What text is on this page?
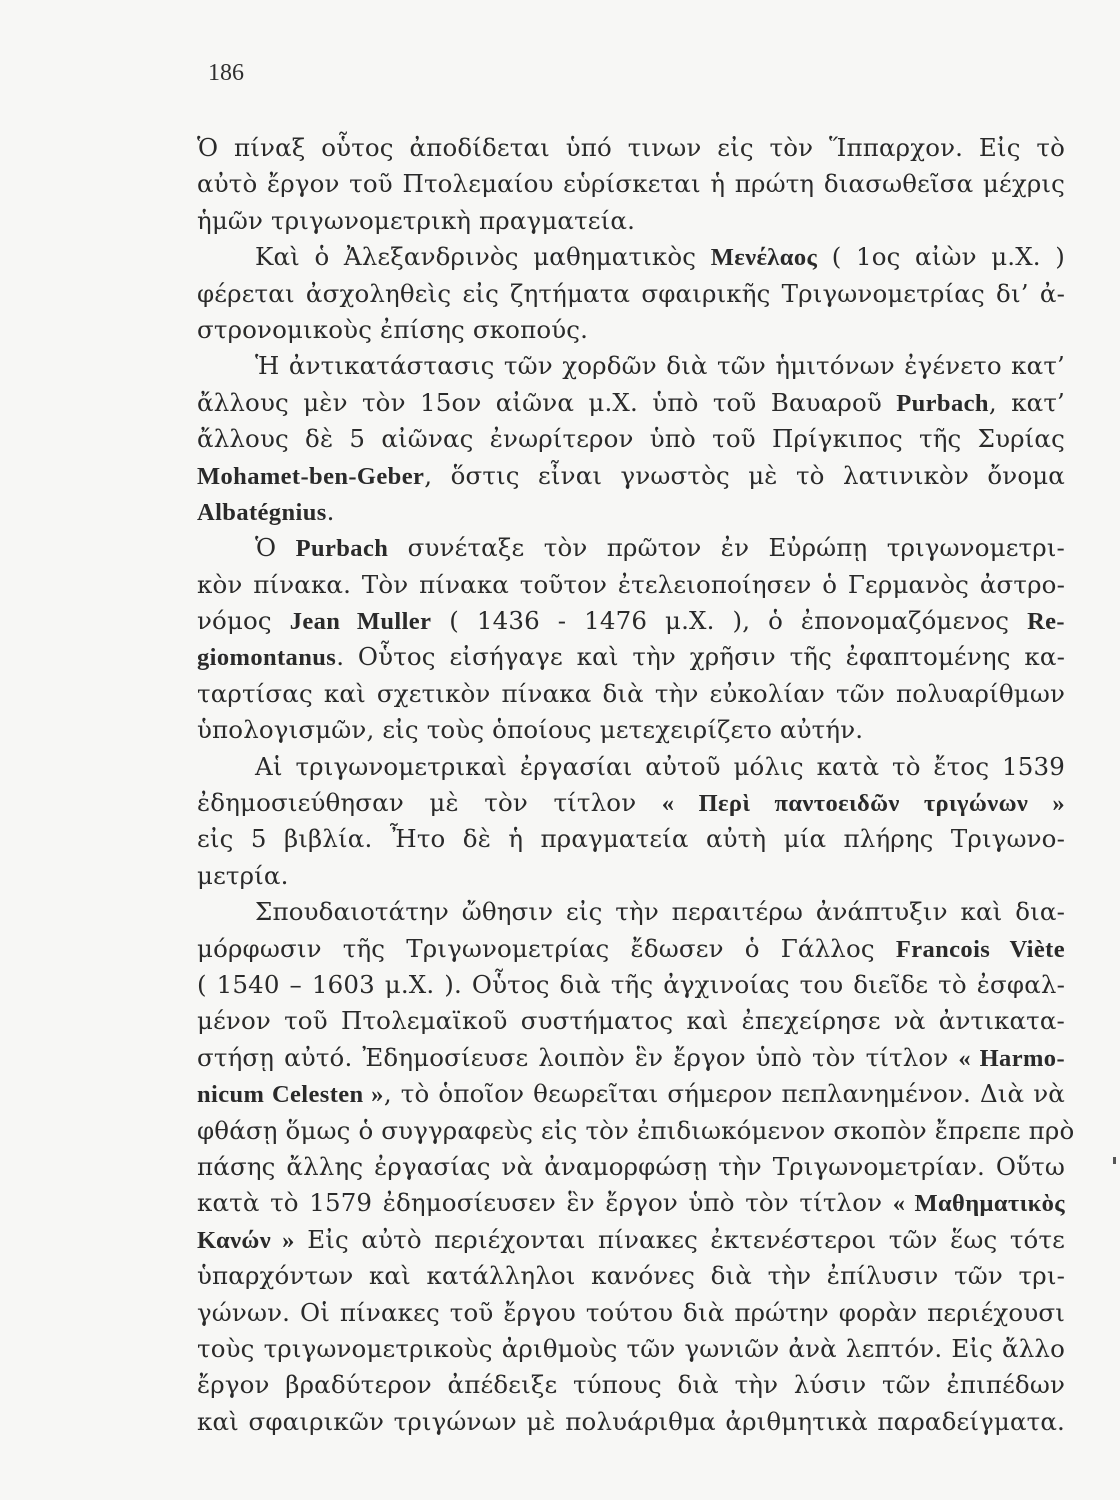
186
Ὁ πίναξ οὗτος ἀποδίδεται ὑπό τινων εἰς τὸν Ἵππαρχον. Εἰς τὸ
αὐτὸ ἔργον τοῦ Πτολεμαίου εὑρίσκεται ἡ πρώτη διασωθεῖσα μέχρις
ἡμῶν τριγωνομετρικὴ πραγματεία.
Καὶ ὁ Ἀλεξανδρινὸς μαθηματικὸς Μενέλαος ( 1ος αἰὼν μ.Χ. )
φέρεται ἀσχοληθεὶς εἰς ζητήματα σφαιρικῆς Τριγωνομετρίας δι’ ἀ-
στρονομικοὺς ἐπίσης σκοπούς.
Ἡ ἀντικατάστασις τῶν χορδῶν διὰ τῶν ἡμιτόνων ἐγένετο κατ’
ἄλλους μὲν τὸν 15ον αἰῶνα μ.Χ. ὑπὸ τοῦ Βαυαροῦ Purbach, κατ’
ἄλλους δὲ 5 αἰῶνας ἐνωρίτερον ὑπὸ τοῦ Πρίγκιπος τῆς Συρίας
Mohamet-ben-Geber, ὅστις εἶναι γνωστὸς μὲ τὸ λατινικὸν ὄνομα
Albatégnius.
Ὁ Purbach συνέταξε τὸν πρῶτον ἐν Εὐρώπῃ τριγωνομετρι-
κὸν πίνακα. Τὸν πίνακα τοῦτον ἐτελειοποίησεν ὁ Γερμανὸς ἀστρο-
νόμος Jean Muller ( 1436 - 1476 μ.Χ. ), ὁ ἐπονομαζόμενος Re-
giomontanus. Οὗτος εἰσήγαγε καὶ τὴν χρῆσιν τῆς ἐφαπτομένης κα-
ταρτίσας καὶ σχετικὸν πίνακα διὰ τὴν εὐκολίαν τῶν πολυαρίθμων
ὑπολογισμῶν, εἰς τοὺς ὁποίους μετεχειρίζετο αὐτήν.
Αἱ τριγωνομετρικαὶ ἐργασίαι αὐτοῦ μόλις κατὰ τὸ ἔτος 1539
ἐδημοσιεύθησαν μὲ τὸν τίτλον « Περὶ παντοειδῶν τριγώνων »
εἰς 5 βιβλία. Ἦτο δὲ ἡ πραγματεία αὐτὴ μία πλήρης Τριγωνο-
μετρία.
Σπουδαιοτάτην ὤθησιν εἰς τὴν περαιτέρω ἀνάπτυξιν καὶ δια-
μόρφωσιν τῆς Τριγωνομετρίας ἔδωσεν ὁ Γάλλος Francois Viète
( 1540 – 1603 μ.Χ. ). Οὗτος διὰ τῆς ἀγχινοίας του διεῖδε τὸ ἐσφαλ-
μένον τοῦ Πτολεμαϊκοῦ συστήματος καὶ ἐπεχείρησε νὰ ἀντικατα-
στήσῃ αὐτό. Ἐδημοσίευσε λοιπὸν ἓν ἔργον ὑπὸ τὸν τίτλον « Harmo-
nicum Celesten », τὸ ὁποῖον θεωρεῖται σήμερον πεπλανημένον. Διὰ νὰ
φθάσῃ ὅμως ὁ συγγραφεὺς εἰς τὸν ἐπιδιωκόμενον σκοπὸν ἔπρεπε πρὸ
πάσης ἄλλης ἐργασίας νὰ ἀναμορφώσῃ τὴν Τριγωνομετρίαν. Οὕτω
κατὰ τὸ 1579 ἐδημοσίευσεν ἓν ἔργον ὑπὸ τὸν τίτλον « Μαθηματικὸς
Κανών » Εἰς αὐτὸ περιέχονται πίνακες ἐκτενέστεροι τῶν ἕως τότε
ὑπαρχόντων καὶ κατάλληλοι κανόνες διὰ τὴν ἐπίλυσιν τῶν τρι-
γώνων. Οἱ πίνακες τοῦ ἔργου τούτου διὰ πρώτην φορὰν περιέχουσι
τοὺς τριγωνομετρικοὺς ἀριθμοὺς τῶν γωνιῶν ἀνὰ λεπτόν. Εἰς ἄλλο
ἔργον βραδύτερον ἀπέδειξε τύπους διὰ τὴν λύσιν τῶν ἐπιπέδων
καὶ σφαιρικῶν τριγώνων μὲ πολυάριθμα ἀριθμητικὰ παραδείγματα.
